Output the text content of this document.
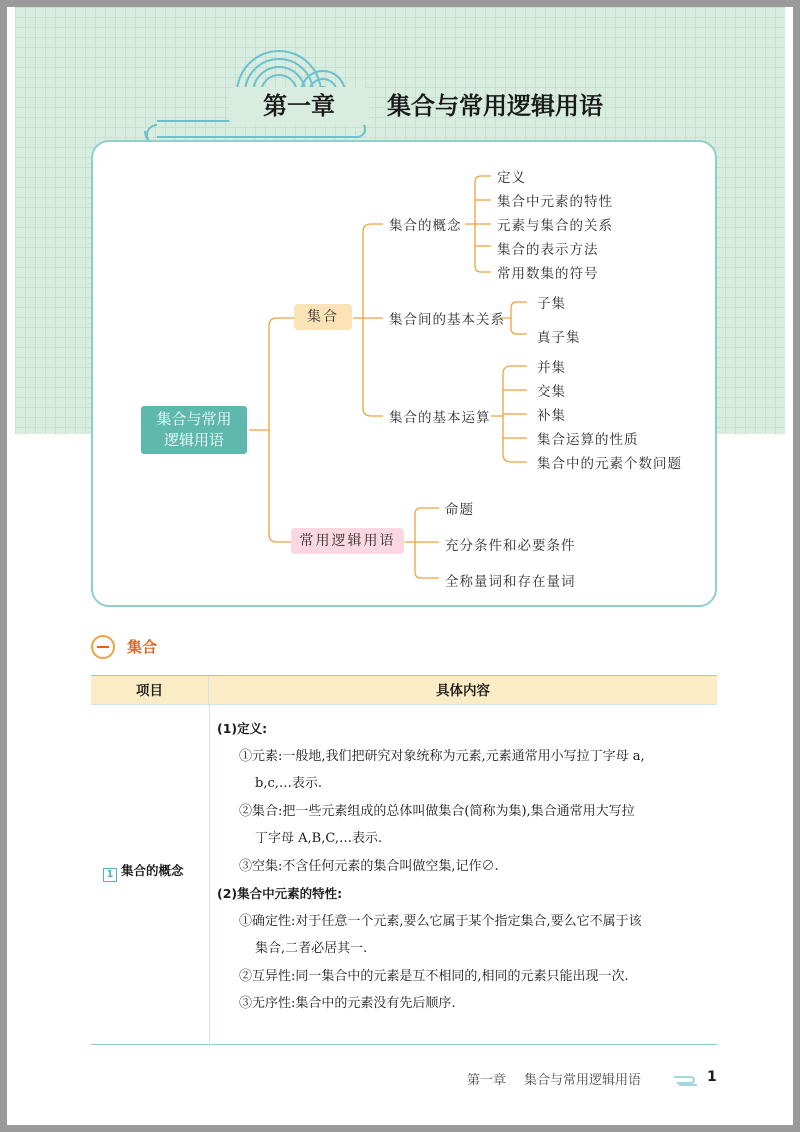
第一章	集合与常用逻辑用语
集合与常用
逻辑用语
集合
常用逻辑用语
集合的概念
集合间的基本关系
集合的基本运算
定义
集合中元素的特性
元素与集合的关系
集合的表示方法
常用数集的符号
子集
真子集
并集
交集
补集
集合运算的性质
集合中的元素个数问题
命题
充分条件和必要条件
全称量词和存在量词
集合
项目	具体内容
1 集合的概念
(1)定义:
①元素:一般地,我们把研究对象统称为元素,元素通常用小写拉丁字母 a,
b,c,…表示.
②集合:把一些元素组成的总体叫做集合(简称为集),集合通常用大写拉
丁字母 A,B,C,…表示.
③空集:不含任何元素的集合叫做空集,记作∅.
(2)集合中元素的特性:
①确定性:对于任意一个元素,要么它属于某个指定集合,要么它不属于该
集合,二者必居其一.
②互异性:同一集合中的元素是互不相同的,相同的元素只能出现一次.
③无序性:集合中的元素没有先后顺序.
第一章 集合与常用逻辑用语	1
